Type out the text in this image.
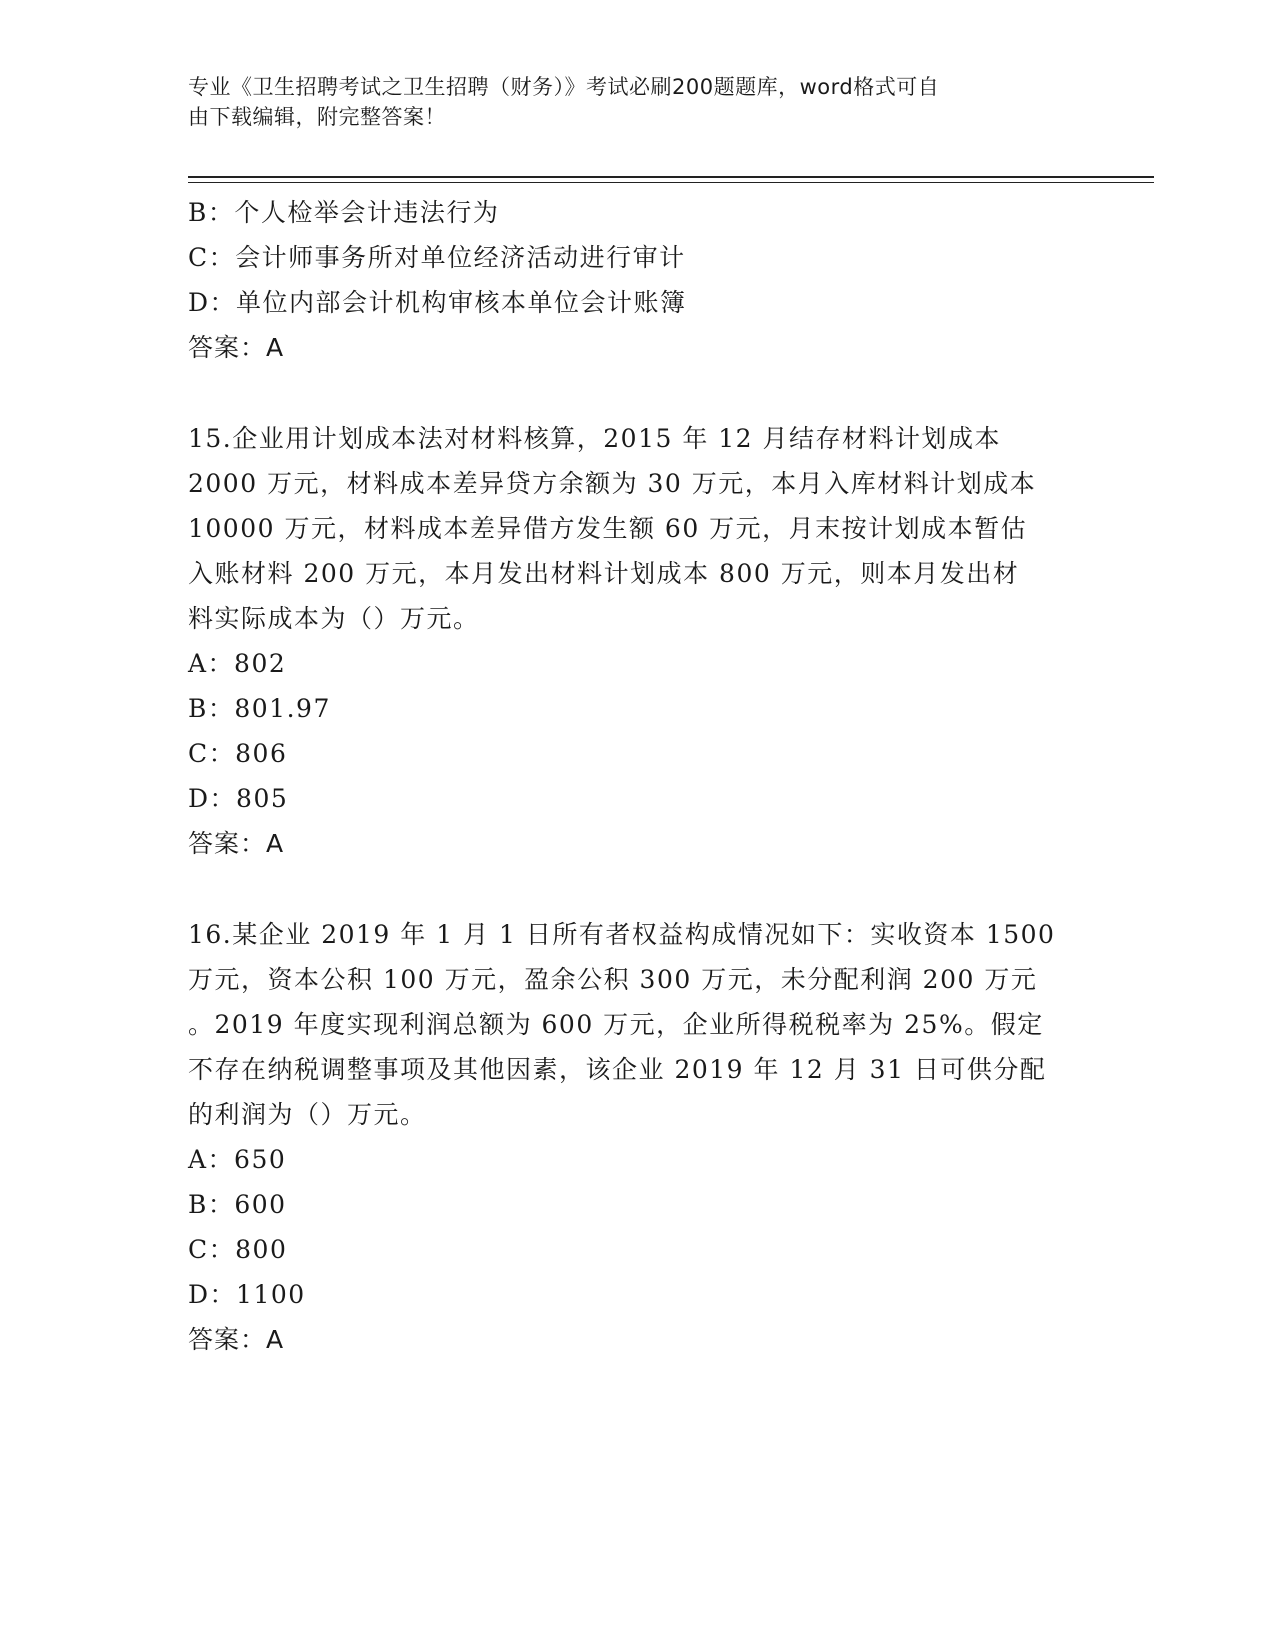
专业《卫生招聘考试之卫生招聘（财务）》考试必刷200题题库，word格式可自
由下载编辑，附完整答案！
B：个人检举会计违法行为
C：会计师事务所对单位经济活动进行审计
D：单位内部会计机构审核本单位会计账簿
答案：A
15.企业用计划成本法对材料核算，2015 年 12 月结存材料计划成本
2000 万元，材料成本差异贷方余额为 30 万元，本月入库材料计划成本
10000 万元，材料成本差异借方发生额 60 万元，月末按计划成本暂估
入账材料 200 万元，本月发出材料计划成本 800 万元，则本月发出材
料实际成本为（）万元。
A：802
B：801.97
C：806
D：805
答案：A
16.某企业 2019 年 1 月 1 日所有者权益构成情况如下：实收资本 1500
万元，资本公积 100 万元，盈余公积 300 万元，未分配利润 200 万元
。2019 年度实现利润总额为 600 万元，企业所得税税率为 25%。假定
不存在纳税调整事项及其他因素，该企业 2019 年 12 月 31 日可供分配
的利润为（）万元。
A：650
B：600
C：800
D：1100
答案：A
